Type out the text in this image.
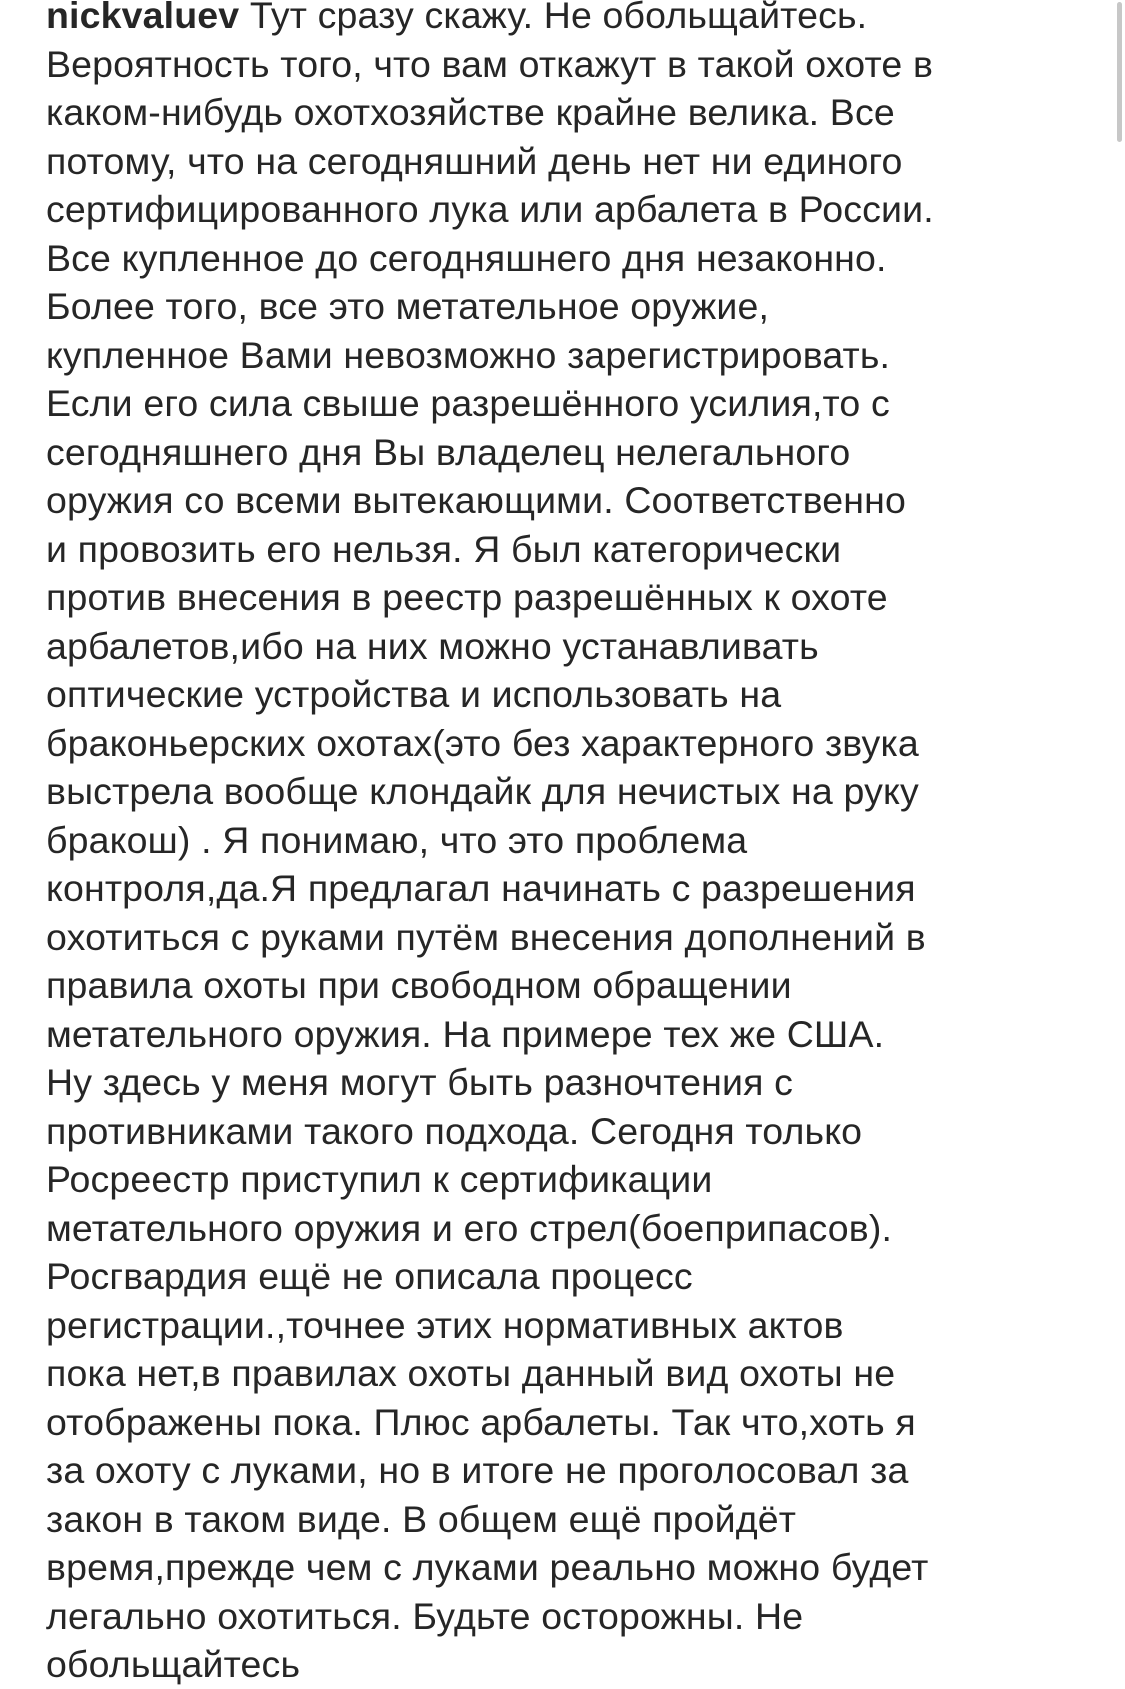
nickvaluev Тут сразу скажу. Не обольщайтесь.
Вероятность того, что вам откажут в такой охоте в
каком-нибудь охотхозяйстве крайне велика. Все
потому, что на сегодняшний день нет ни единого
сертифицированного лука или арбалета в России.
Все купленное до сегодняшнего дня незаконно.
Более того, все это метательное оружие,
купленное Вами невозможно зарегистрировать.
Если его сила свыше разрешённого усилия,то с
сегодняшнего дня Вы владелец нелегального
оружия со всеми вытекающими. Соответственно
и провозить его нельзя. Я был категорически
против внесения в реестр разрешённых к охоте
арбалетов,ибо на них можно устанавливать
оптические устройства и использовать на
браконьерских охотах(это без характерного звука
выстрела вообще клондайк для нечистых на руку
бракош) . Я понимаю, что это проблема
контроля,да.Я предлагал начинать с разрешения
охотиться с руками путём внесения дополнений в
правила охоты при свободном обращении
метательного оружия. На примере тех же США.
Ну здесь у меня могут быть разночтения с
противниками такого подхода. Сегодня только
Росреестр приступил к сертификации
метательного оружия и его стрел(боеприпасов).
Росгвардия ещё не описала процесс
регистрации.,точнее этих нормативных актов
пока нет,в правилах охоты данный вид охоты не
отображены пока. Плюс арбалеты. Так что,хоть я
за охоту с луками, но в итоге не проголосовал за
закон в таком виде. В общем ещё пройдёт
время,прежде чем с луками реально можно будет
легально охотиться. Будьте осторожны. Не
обольщайтесь
